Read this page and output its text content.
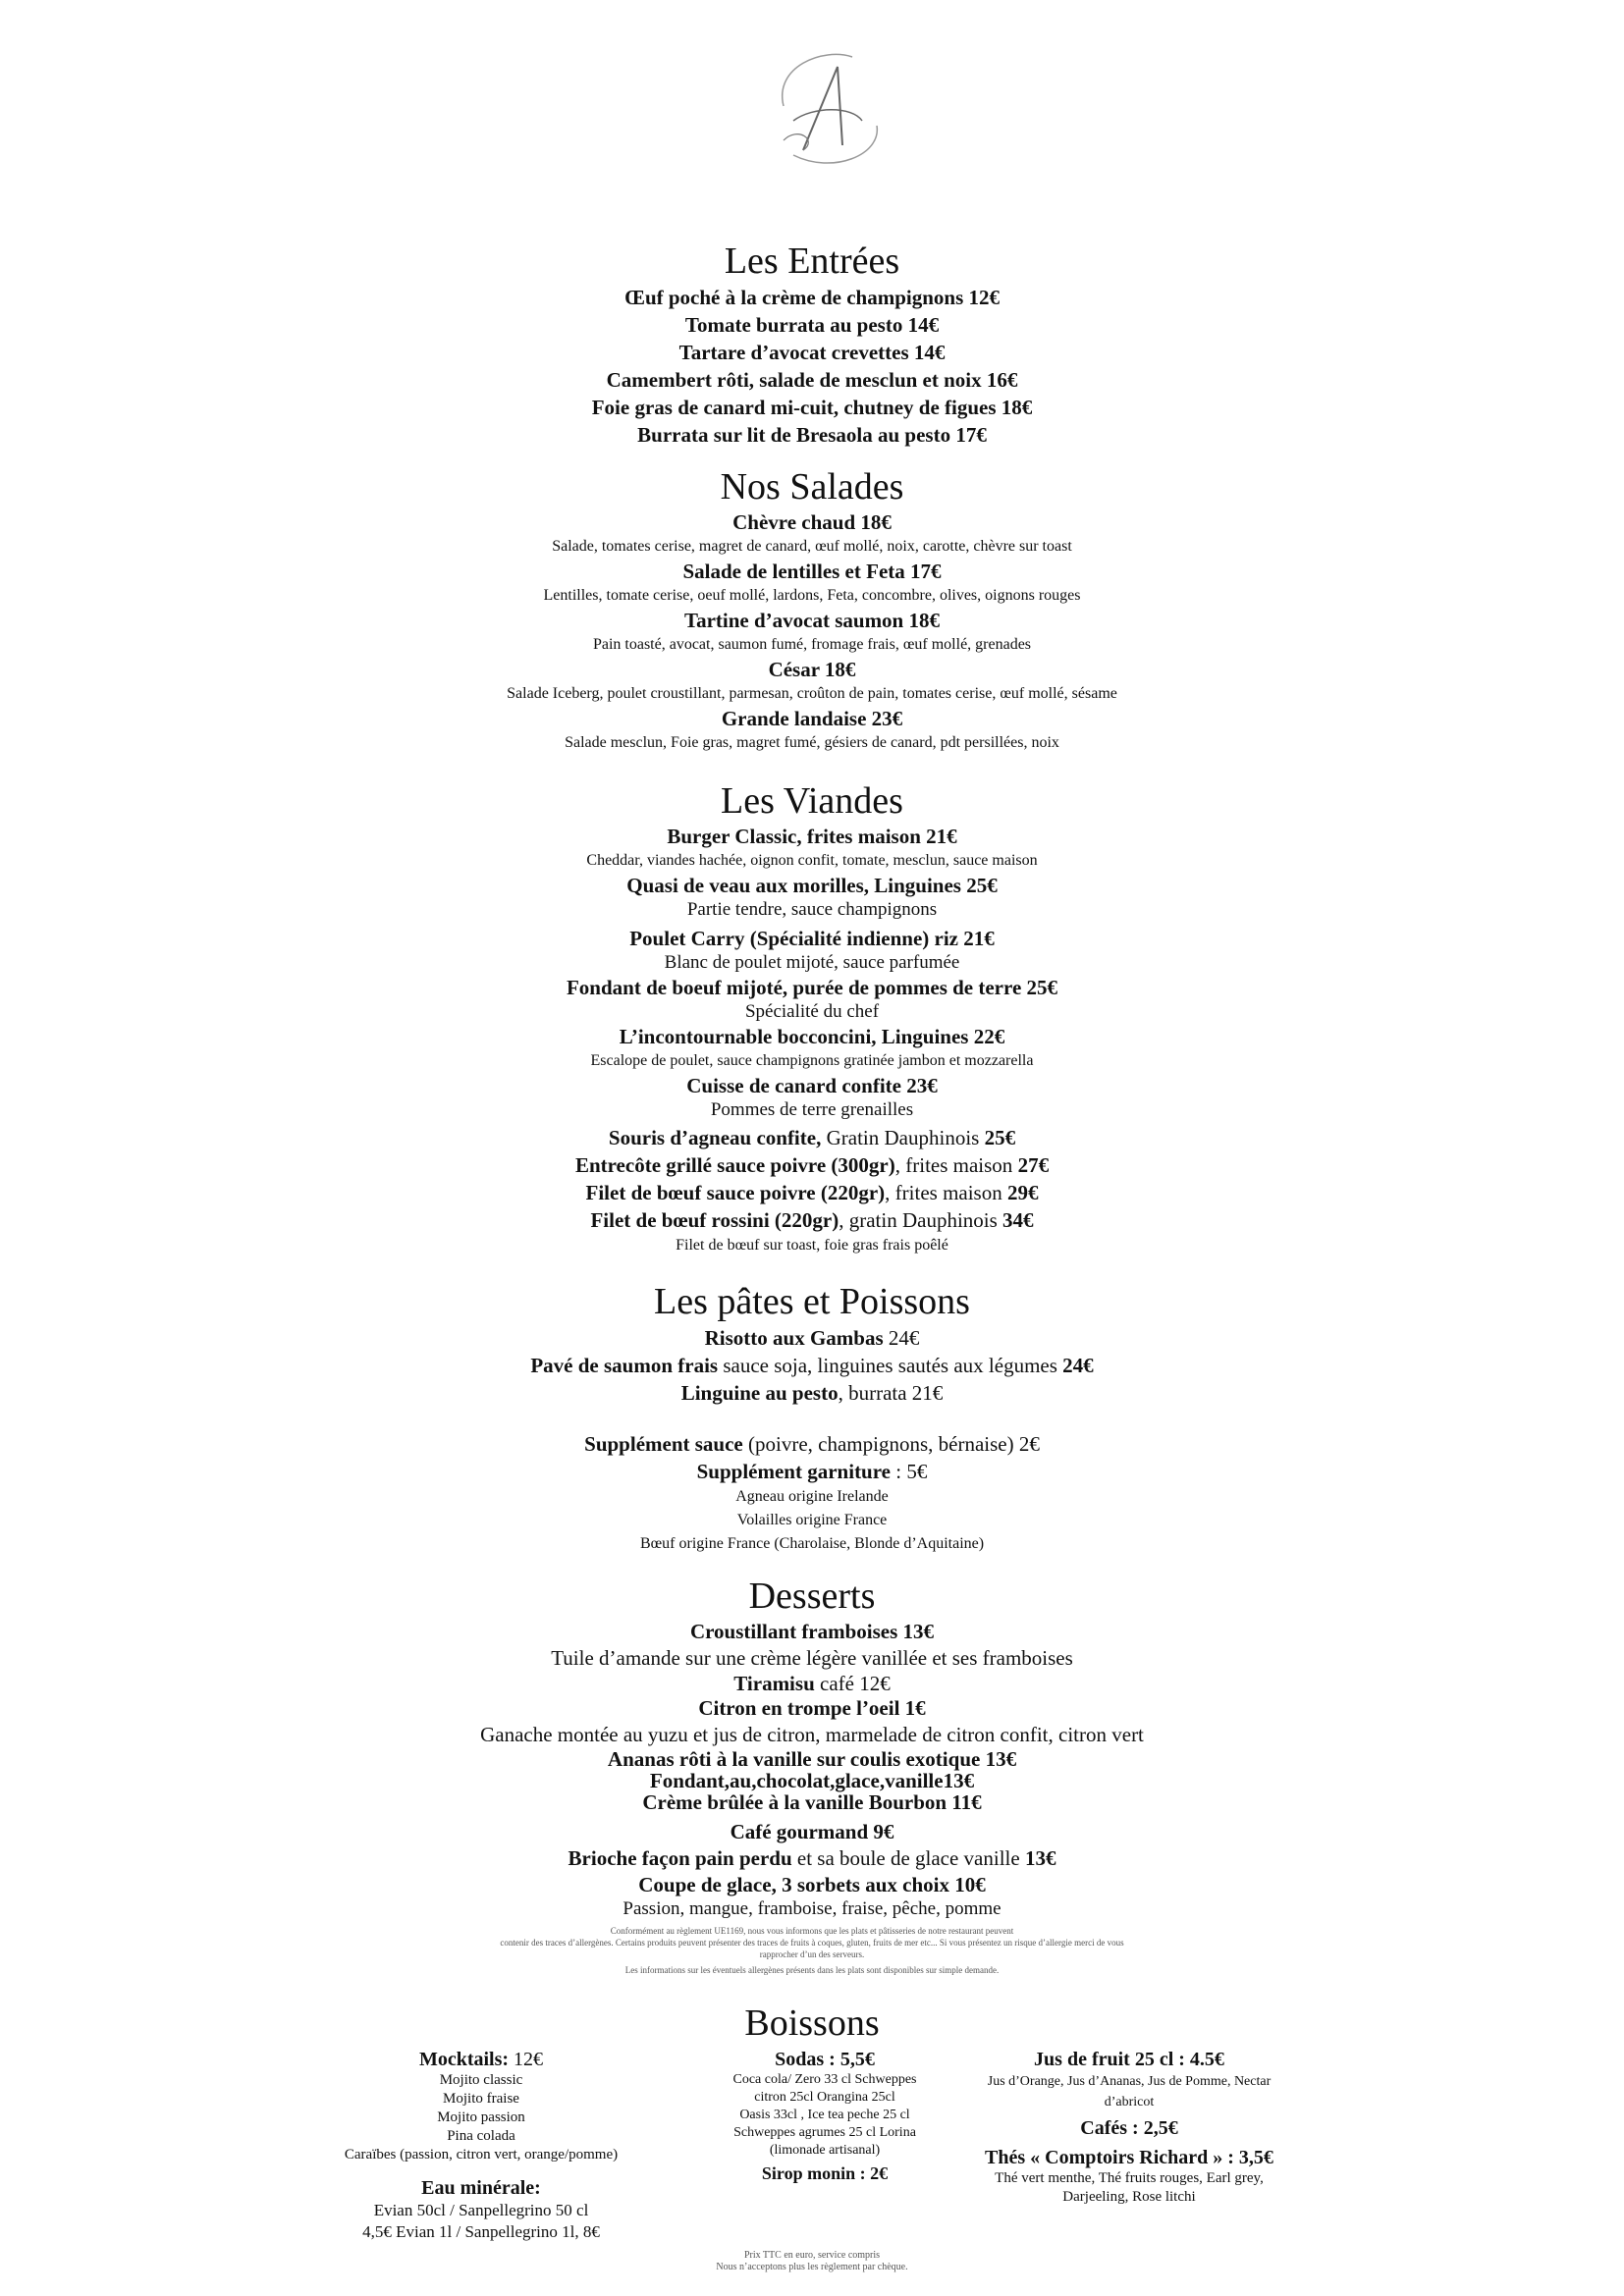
Les Entrées

Œuf poché à la crème de champignons 12€

Tomate burrata au pesto 14€

Tartare d’avocat crevettes 14€

Camembert rôti, salade de mesclun et noix 16€

Foie gras de canard mi-cuit, chutney de figues 18€

Burrata sur lit de Bresaola au pesto 17€

Nos Salades

Chèvre chaud 18€

Salade, tomates cerise, magret de canard, œuf mollé, noix, carotte, chèvre sur toast

Salade de lentilles et Feta 17€

Lentilles, tomate cerise, oeuf mollé, lardons, Feta, concombre, olives, oignons rouges

Tartine d’avocat saumon 18€

Pain toasté, avocat, saumon fumé, fromage frais, œuf mollé, grenades

César 18€

Salade Iceberg, poulet croustillant, parmesan, croûton de pain, tomates cerise, œuf mollé, sésame

Grande landaise 23€

Salade mesclun, Foie gras, magret fumé, gésiers de canard, pdt persillées, noix

Les Viandes

Burger Classic, frites maison 21€

Cheddar, viandes hachée, oignon confit, tomate, mesclun, sauce maison

Quasi de veau aux morilles, Linguines 25€

Partie tendre, sauce champignons

Poulet Carry (Spécialité indienne) riz 21€

Blanc de poulet mijoté, sauce parfumée

Fondant de boeuf mijoté, purée de pommes de terre 25€

Spécialité du chef

L’incontournable bocconcini, Linguines 22€

Escalope de poulet, sauce champignons gratinée jambon et mozzarella

Cuisse de canard confite 23€

Pommes de terre grenailles

Souris d’agneau confite, Gratin Dauphinois 25€

Entrecôte grillé sauce poivre (300gr), frites maison 27€

Filet de bœuf sauce poivre (220gr), frites maison 29€

Filet de bœuf rossini (220gr), gratin Dauphinois 34€

Filet de bœuf sur toast, foie gras frais poêlé

Les pâtes et Poissons

Risotto aux Gambas 24€

Pavé de saumon frais sauce soja, linguines sautés aux légumes 24€

Linguine au pesto, burrata 21€

Supplément sauce (poivre, champignons, bérnaise) 2€

Supplément garniture : 5€

Agneau origine Irelande

Volailles origine France

Bœuf origine France (Charolaise, Blonde d’Aquitaine)

Desserts

Croustillant framboises 13€

Tuile d’amande sur une crème légère vanillée et ses framboises

Tiramisu café 12€

Citron en trompe l’oeil 1€

Ganache montée au yuzu et jus de citron, marmelade de citron confit, citron vert

Ananas rôti à la vanille sur coulis exotique 13€

Fondant,au,chocolat,glace,vanille13€

Crème brûlée à la vanille Bourbon 11€

Café gourmand 9€

Brioche façon pain perdu et sa boule de glace vanille 13€

Coupe de glace, 3 sorbets aux choix 10€

Passion, mangue, framboise, fraise, pêche, pomme

Conformément au règlement UE1169, nous vous informons que les plats et pâtisseries de notre restaurant peuvent

contenir des traces d’allergènes. Certains produits peuvent présenter des traces de fruits à coques, gluten, fruits de mer etc... Si vous présentez un risque d’allergie merci de vous

rapprocher d’un des serveurs.

Les informations sur les éventuels allergènes présents dans les plats sont disponibles sur simple demande.

Boissons

Mocktails: 12€

Mojito classic

Mojito fraise

Mojito passion

Pina colada

Caraïbes (passion, citron vert, orange/pomme)

Eau minérale:

Evian 50cl / Sanpellegrino 50 cl

4,5€ Evian 1l / Sanpellegrino 1l, 8€

Sodas : 5,5€

Coca cola/ Zero 33 cl Schweppes

citron 25cl Orangina 25cl

Oasis 33cl , Ice tea peche 25 cl

Schweppes agrumes 25 cl Lorina

(limonade artisanal)

Sirop monin : 2€

Jus de fruit 25 cl : 4.5€

Jus d’Orange, Jus d’Ananas, Jus de Pomme, Nectar

d’abricot

Cafés : 2,5€

Thés « Comptoirs Richard » : 3,5€

Thé vert menthe, Thé fruits rouges, Earl grey,

Darjeeling, Rose litchi

Prix TTC en euro, service compris

Nous n’acceptons plus les règlement par chèque.
